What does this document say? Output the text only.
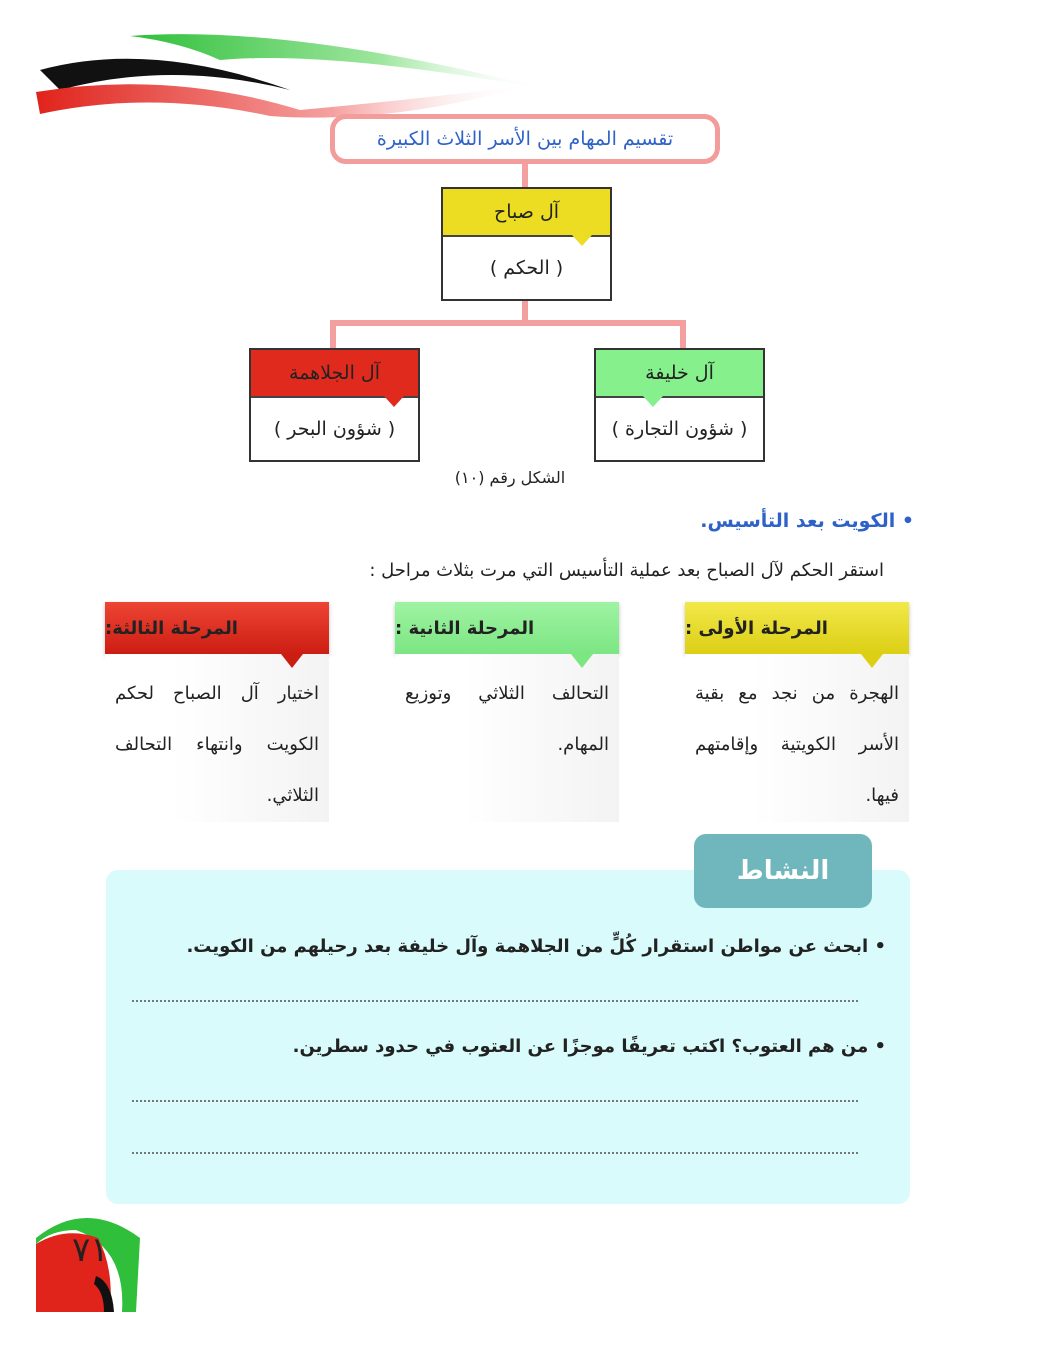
تقسيم المهام بين الأسر الثلاث الكبيرة
آل صباح
( الحكم )
آل الجلاهمة
( شؤون البحر )
آل خليفة
( شؤون التجارة )
الشكل رقم (١٠)
• الكويت بعد التأسيس.
استقر الحكم لآل الصباح بعد عملية التأسيس التي مرت بثلاث مراحل :
المرحلة الأولى :
الهجرة من نجد مع بقية الأسر الكويتية وإقامتهم فيها.
المرحلة الثانية :
التحالف الثلاثي وتوزيع المهام.
المرحلة الثالثة:
اختيار آل الصباح لحكم الكويت وانتهاء التحالف الثلاثي.
النشاط
• ابحث عن مواطن استقرار كُلٍّ من الجلاهمة وآل خليفة بعد رحيلهم من الكويت.
• من هم العتوب؟ اكتب تعريفًا موجزًا عن العتوب في حدود سطرين.
٧١
